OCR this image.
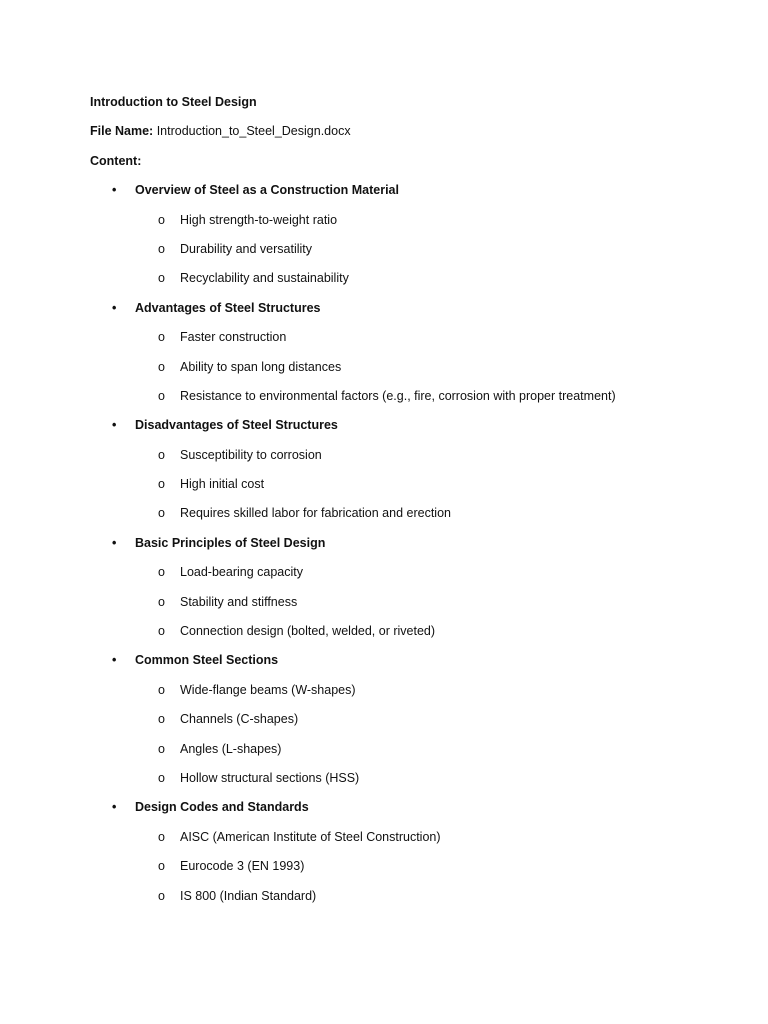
Introduction to Steel Design
File Name: Introduction_to_Steel_Design.docx
Content:
• Overview of Steel as a Construction Material
o High strength-to-weight ratio
o Durability and versatility
o Recyclability and sustainability
• Advantages of Steel Structures
o Faster construction
o Ability to span long distances
o Resistance to environmental factors (e.g., fire, corrosion with proper treatment)
• Disadvantages of Steel Structures
o Susceptibility to corrosion
o High initial cost
o Requires skilled labor for fabrication and erection
• Basic Principles of Steel Design
o Load-bearing capacity
o Stability and stiffness
o Connection design (bolted, welded, or riveted)
• Common Steel Sections
o Wide-flange beams (W-shapes)
o Channels (C-shapes)
o Angles (L-shapes)
o Hollow structural sections (HSS)
• Design Codes and Standards
o AISC (American Institute of Steel Construction)
o Eurocode 3 (EN 1993)
o IS 800 (Indian Standard)
